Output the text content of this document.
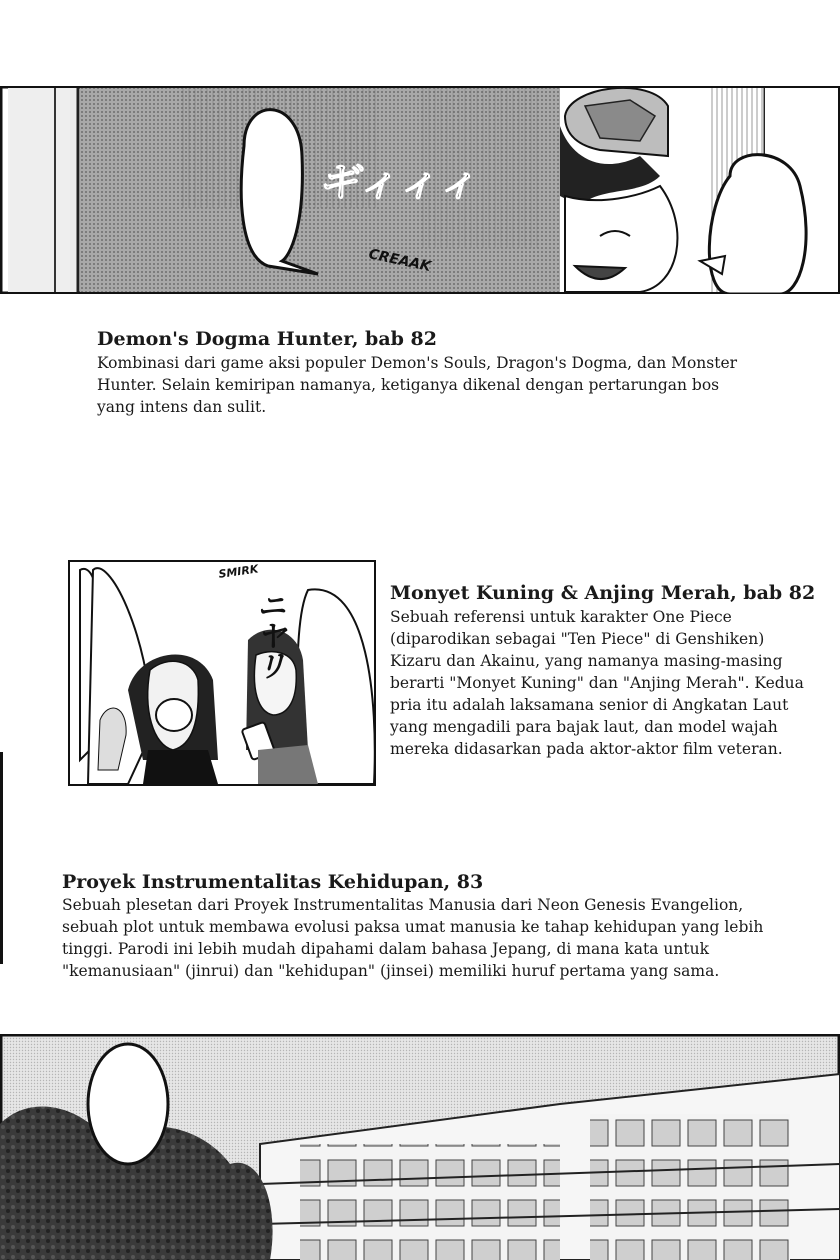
ギィィィ
CREAAK
Demon's Dogma Hunter, bab 82

Kombinasi dari game aksi populer Demon's Souls, Dragon's Dogma, dan Monster Hunter. Selain kemiripan namanya, ketiganya dikenal dengan pertarungan bos yang intens dan sulit.

SMIRK
ニヤリ	Monyet Kuning & Anjing Merah, bab 82

Sebuah referensi untuk karakter One Piece (diparodikan sebagai "Ten Piece" di Genshiken) Kizaru dan Akainu, yang namanya masing-masing berarti "Monyet Kuning" dan "Anjing Merah". Kedua pria itu adalah laksamana senior di Angkatan Laut yang mengadili para bajak laut, dan model wajah mereka didasarkan pada aktor-aktor film veteran.

Proyek Instrumentalitas Kehidupan, 83

Sebuah plesetan dari Proyek Instrumentalitas Manusia dari Neon Genesis Evangelion, sebuah plot untuk membawa evolusi paksa umat manusia ke tahap kehidupan yang lebih tinggi. Parodi ini lebih mudah dipahami dalam bahasa Jepang, di mana kata untuk "kemanusiaan" (jinrui) dan "kehidupan" (jinsei) memiliki huruf pertama yang sama.
